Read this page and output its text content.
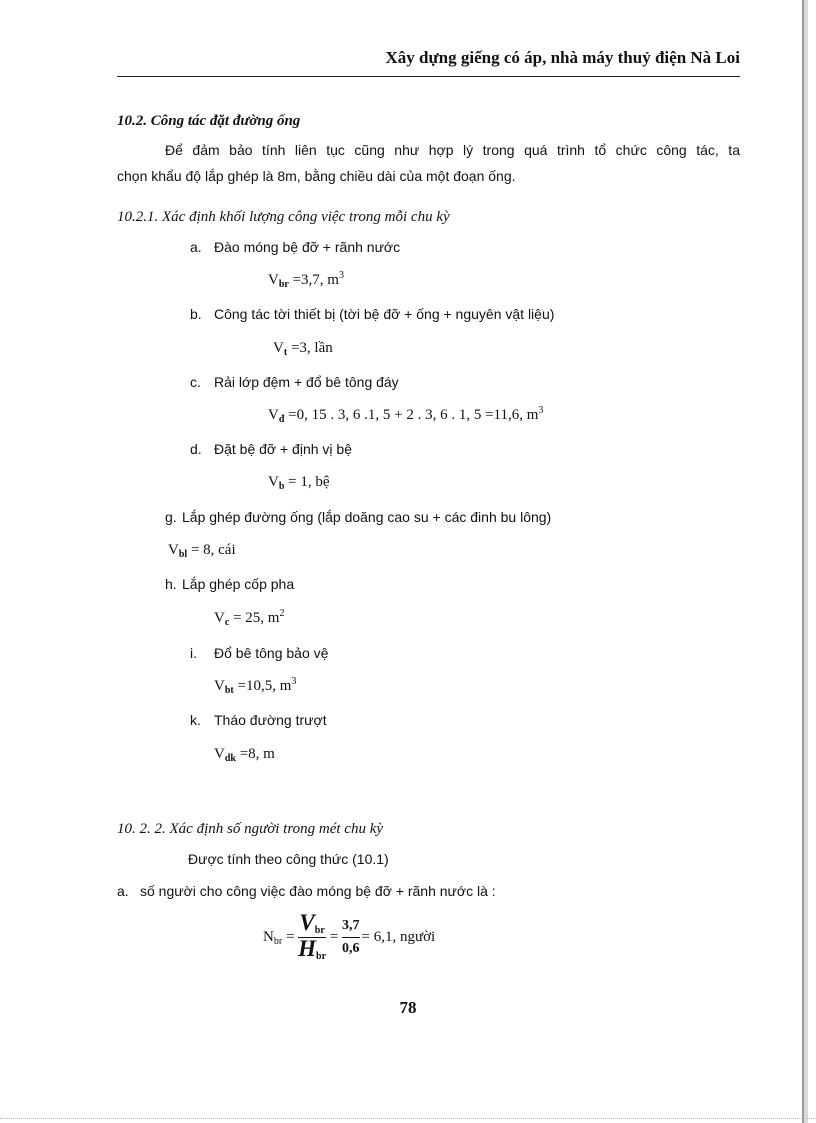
Xây dựng giếng có áp, nhà máy thuỷ điện Nà Loi
10.2. Công tác đặt đường ống
Để đảm bảo tính liên tục cũng như hợp lý trong quá trình tổ chức công tác, ta
chọn khẩu độ lắp ghép là 8m, bằng chiều dài của một đoạn ống.
10.2.1. Xác định khối lượng công việc trong mỗi chu kỳ
a. Đào móng bệ đỡ + rãnh nước
$V_{br} =3,7$, $m^3$
b. Công tác tời thiết bị (tời bệ đỡ + ống + nguyên vật liệu)
$V_t =3$, lần
c. Rải lớp đệm + đổ bê tông đáy
$V_đ =0$, 15 . 3, 6 .1, 5 + 2 . 3, 6 . 1, 5 =11,6, $m^3$
d. Đặt bệ đỡ + định vị bệ
$V_b = 1$, bệ
g. Lắp ghép đường ống (lắp doăng cao su + các đinh bu lông)
$V_{bl} = 8$, cái
h. Lắp ghép cốp pha
$V_c = 25$, $m^2$
i. Đổ bê tông bảo vệ
$V_{bt} =10,5$, $m^3$
k. Tháo đường trượt
$V_{dk} =8$, m
10. 2. 2. Xác định số người trong mét chu kỳ
Được tính theo công thức (10.1)
a. số người cho công việc đào móng bệ đỡ + rãnh nước là :
$N_{br} = \frac{V_{br}}{H_{br}} = \frac{3,7}{0,6} = 6,1$, người
78
